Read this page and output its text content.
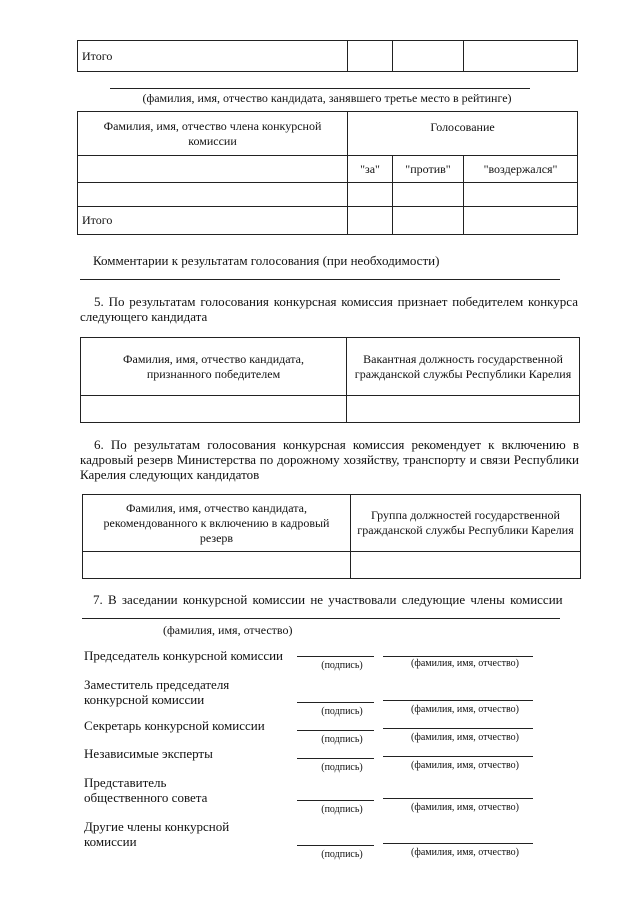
Итого			
(фамилия, имя, отчество кандидата, занявшего третье место в рейтинге)
Фамилия, имя, отчество члена конкурсной комиссии	Голосование		
	"за"	"против"	"воздержался"

Итого			
Комментарии к результатам голосования (при необходимости)
5. По результатам голосования конкурсная комиссия признает победителем конкурса следующего кандидата
Фамилия, имя, отчество кандидата, признанного победителем	Вакантная должность государственной гражданской службы Республики Карелия

6. По результатам голосования конкурсная комиссия рекомендует к включению в кадровый резерв Министерства по дорожному хозяйству, транспорту и связи Республики Карелия следующих кандидатов
Фамилия, имя, отчество кандидата, рекомендованного к включению в кадровый резерв	Группа должностей государственной гражданской службы Республики Карелия

7. В заседании конкурсной комиссии не участвовали следующие члены комиссии
(фамилия, имя, отчество)
Председатель конкурсной комиссии
(подпись)	(фамилия, имя, отчество)
Заместитель председателя конкурсной комиссии
(подпись)	(фамилия, имя, отчество)
Секретарь конкурсной комиссии
(подпись)	(фамилия, имя, отчество)
Независимые эксперты
(подпись)	(фамилия, имя, отчество)
Представитель общественного совета
(подпись)	(фамилия, имя, отчество)
Другие члены конкурсной комиссии
(подпись)	(фамилия, имя, отчество)
